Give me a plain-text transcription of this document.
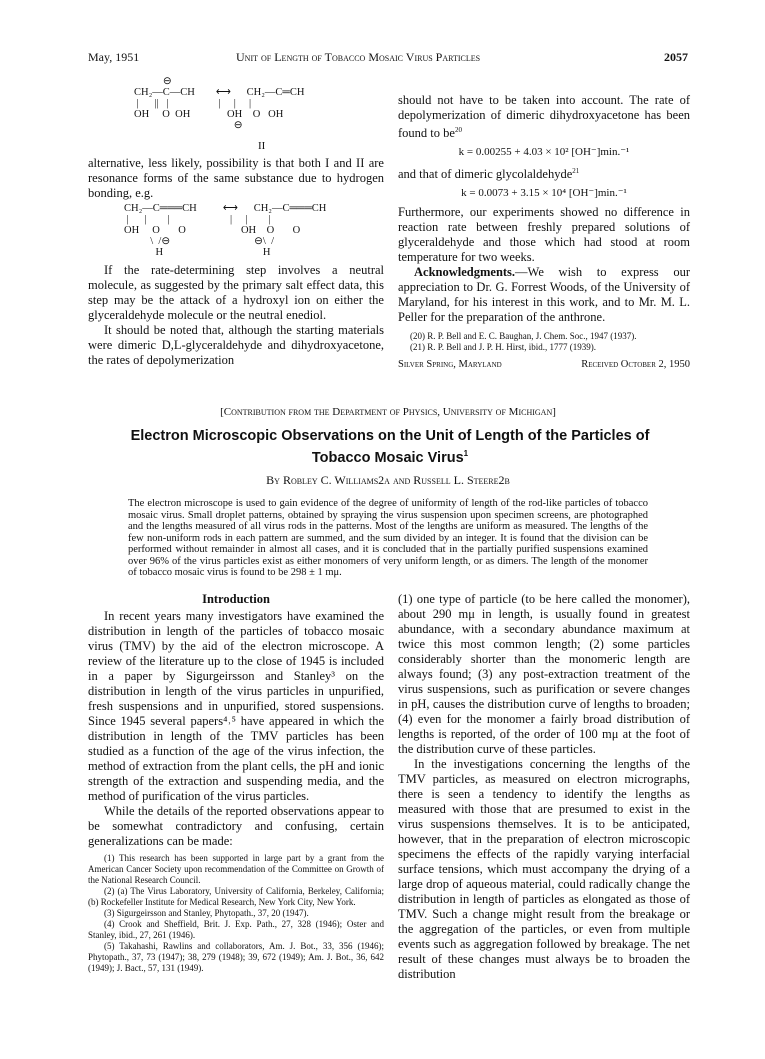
May, 1951	Unit of Length of Tobacco Mosaic Virus Particles	2057
⊖
CH₂—C—CH        ⟷      CH₂—C═CH
|      ||   |                   |     |     |
OH     O  OH              OH    O   OH
⊖
II

alternative, less likely, possibility is that both I and II are resonance forms of the same substance due to hydrogen bonding, e.g.

CH₂—C═══CH          ⟷      CH₂—C═══CH
|      |        |                       |     |        |
OH     O       O                     OH    O       O
\  /⊖                                ⊖\  /
H                                      H

If the rate-determining step involves a neutral molecule, as suggested by the primary salt effect data, this step may be the attack of a hydroxyl ion on either the glyceraldehyde molecule or the neutral enediol.

It should be noted that, although the starting materials were dimeric D,L-glyceraldehyde and dihydroxyacetone, the rates of depolymerization

should not have to be taken into account. The rate of depolymerization of dimeric dihydroxyacetone has been found to $be^{20}$

k = 0.00255 + 4.03 × 10² [OH⁻]min.⁻¹

and that of dimeric glycolaldehyde$^{21}$

k = 0.0073 + 3.15 × 10⁴ [OH⁻]min.⁻¹

Furthermore, our experiments showed no difference in reaction rate between freshly prepared solutions of glyceraldehyde and those which had stood at room temperature for two weeks.

Acknowledgments.—We wish to express our appreciation to Dr. G. Forrest Woods, of the University of Maryland, for his interest in this work, and to Mr. M. L. Peller for the preparation of the anthrone.

(20) R. P. Bell and E. C. Baughan, J. Chem. Soc., 1947 (1937).
(21) R. P. Bell and J. P. H. Hirst, ibid., 1777 (1939).
Silver Spring, Maryland	Received October 2, 1950
[Contribution from the Department of Physics, University of Michigan]
Electron Microscopic Observations on the Unit of Length of the Particles of Tobacco Mosaic Virus$^1$
By Robley C. Williams2a and Russell L. Steere2b
The electron microscope is used to gain evidence of the degree of uniformity of length of the rod-like particles of tobacco mosaic virus. Small droplet patterns, obtained by spraying the virus suspension upon specimen screens, are photographed and the lengths measured of all virus rods in the patterns. Most of the lengths are uniform as measured. The lengths of the few non-uniform rods in each pattern are summed, and the sum divided by an integer. It is found that the division can be performed without remainder in almost all cases, and it is concluded that in the partially purified suspensions examined over 96% of the virus particles exist as either monomers of very uniform length, or as dimers. The length of the monomer of tobacco mosaic virus is found to be 298 ± 1 mμ.
Introduction

In recent years many investigators have examined the distribution in length of the particles of tobacco mosaic virus (TMV) by the aid of the electron microscope. A review of the literature up to the close of 1945 is included in a paper by Sigurgeirsson and Stanley³ on the distribution in length of the virus particles in unpurified, fresh suspensions and in unpurified, stored suspensions. Since 1945 several papers⁴˒⁵ have appeared in which the distribution in length of the TMV particles has been studied as a function of the age of the virus infection, the method of extraction from the plant cells, the pH and ionic strength of the extraction and suspending media, and the method of purification of the virus particles.

While the details of the reported observations appear to be somewhat contradictory and confusing, certain generalizations can be made:

(1) This research has been supported in large part by a grant from the American Cancer Society upon recommendation of the Committee on Growth of the National Research Council.

(2) (a) The Virus Laboratory, University of California, Berkeley, California; (b) Rockefeller Institute for Medical Research, New York City, New York.

(3) Sigurgeirsson and Stanley, Phytopath., 37, 20 (1947).

(4) Crook and Sheffield, Brit. J. Exp. Path., 27, 328 (1946); Oster and Stanley, ibid., 27, 261 (1946).

(5) Takahashi, Rawlins and collaborators, Am. J. Bot., 33, 356 (1946); Phytopath., 37, 73 (1947); 38, 279 (1948); 39, 672 (1949); Am. J. Bot., 36, 642 (1949); J. Bact., 57, 131 (1949).

(1) one type of particle (to be here called the monomer), about 290 mμ in length, is usually found in greatest abundance, with a secondary abundance maximum at twice this most common length; (2) some particles considerably shorter than the monomeric length are always found; (3) any post-extraction treatment of the virus suspensions, such as purification or severe changes in pH, causes the distribution curve of lengths to broaden; (4) even for the monomer a fairly broad distribution of lengths is reported, of the order of 100 mμ at the foot of the distribution curve of these particles.

In the investigations concerning the lengths of the TMV particles, as measured on electron micrographs, there is seen a tendency to identify the lengths as measured with those that are presumed to exist in the virus suspensions themselves. It is to be anticipated, however, that in the preparation of electron microscopic specimens the effects of the rapidly varying interfacial surface tensions, which must accompany the drying of a large drop of aqueous material, could radically change the distribution in length of particles as elongated as those of TMV. Such a change might result from the breakage or the aggregation of the particles, or even from multiple events such as aggregation followed by breakage. The net result of these changes must always be to broaden the distribution
